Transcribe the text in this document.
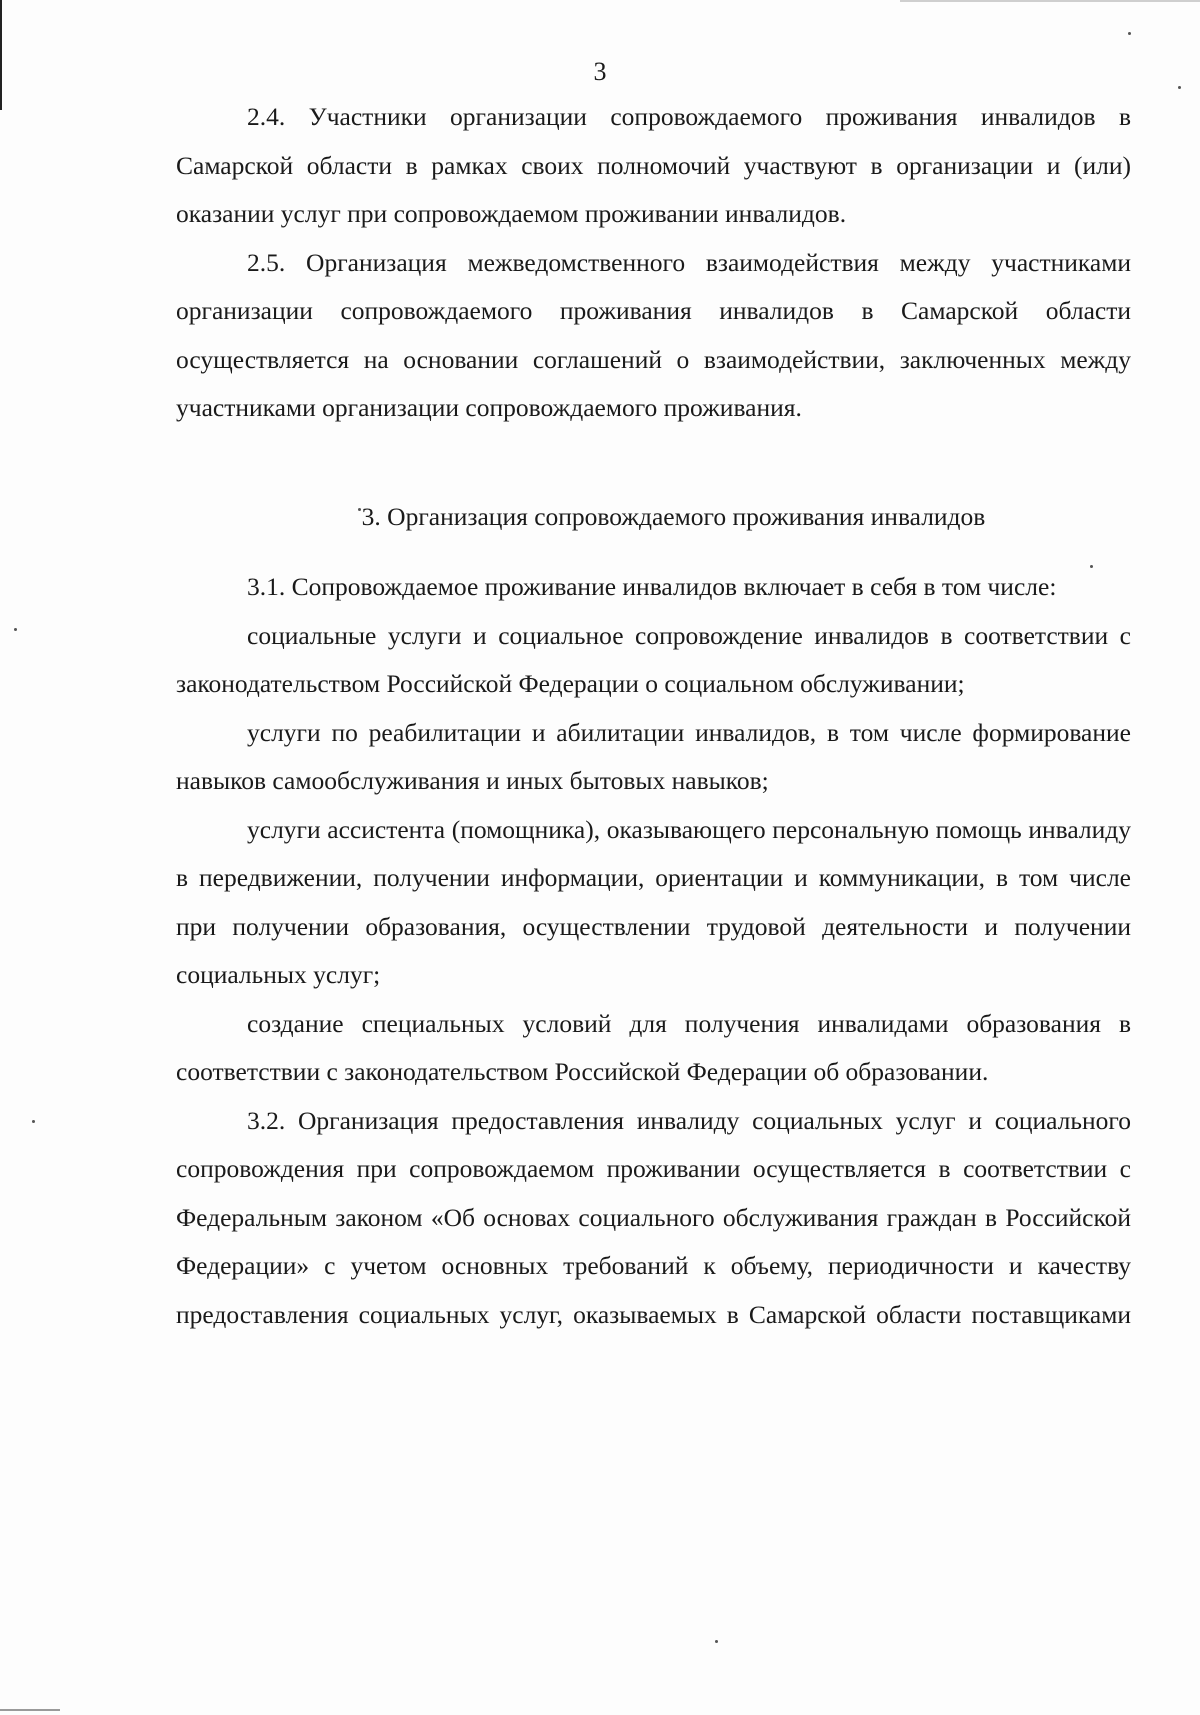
3

2.4. Участники организации сопровождаемого проживания инвалидов в Самарской области в рамках своих полномочий участвуют в организации и (или) оказании услуг при сопровождаемом проживании инвалидов.

2.5. Организация межведомственного взаимодействия между участниками организации сопровождаемого проживания инвалидов в Самарской области осуществляется на основании соглашений о взаимодействии, заключенных между участниками организации сопровождаемого проживания.

3. Организация сопровождаемого проживания инвалидов

3.1. Сопровождаемое проживание инвалидов включает в себя в том числе:

социальные услуги и социальное сопровождение инвалидов в соответствии с законодательством Российской Федерации о социальном обслуживании;

услуги по реабилитации и абилитации инвалидов, в том числе формирование навыков самообслуживания и иных бытовых навыков;

услуги ассистента (помощника), оказывающего персональную помощь инвалиду в передвижении, получении информации, ориентации и коммуникации, в том числе при получении образования, осуществлении трудовой деятельности и получении социальных услуг;

создание специальных условий для получения инвалидами образования в соответствии с законодательством Российской Федерации об образовании.

3.2. Организация предоставления инвалиду социальных услуг и социального сопровождения при сопровождаемом проживании осуществляется в соответствии с Федеральным законом «Об основах социального обслуживания граждан в Российской Федерации» с учетом основных требований к объему, периодичности и качеству предоставления социальных услуг, оказываемых в Самарской области поставщиками
